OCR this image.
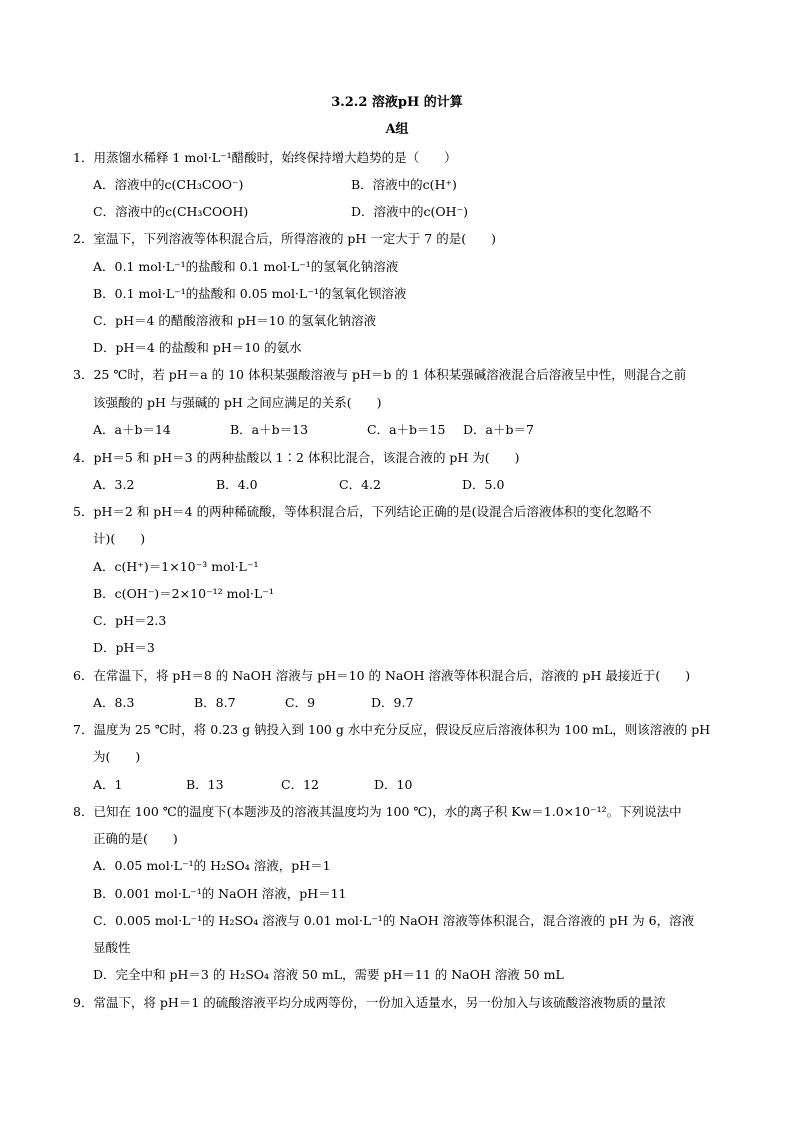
3.2.2 溶液pH 的计算
A组
1．用蒸馏水稀释 1 mol·L⁻¹醋酸时，始终保持增大趋势的是（　　）
A．溶液中的c(CH₃COO⁻)	B．溶液中的c(H⁺)
C．溶液中的c(CH₃COOH)	D．溶液中的c(OH⁻)
2．室温下，下列溶液等体积混合后，所得溶液的 pH 一定大于 7 的是(　　)
A．0.1 mol·L⁻¹的盐酸和 0.1 mol·L⁻¹的氢氧化钠溶液
B．0.1 mol·L⁻¹的盐酸和 0.05 mol·L⁻¹的氢氧化钡溶液
C．pH＝4 的醋酸溶液和 pH＝10 的氢氧化钠溶液
D．pH＝4 的盐酸和 pH＝10 的氨水
3．25 ℃时，若 pH＝a 的 10 体积某强酸溶液与 pH＝b 的 1 体积某强碱溶液混合后溶液呈中性，则混合之前
该强酸的 pH 与强碱的 pH 之间应满足的关系(　　)
A．a＋b＝14	B．a＋b＝13	C．a＋b＝15 D．a＋b＝7
4．pH＝5 和 pH＝3 的两种盐酸以 1∶2 体积比混合，该混合液的 pH 为(　　)
A．3.2	B．4.0	C．4.2	D．5.0
5．pH＝2 和 pH＝4 的两种稀硫酸，等体积混合后，下列结论正确的是(设混合后溶液体积的变化忽略不
计)(　　)
A．c(H⁺)＝1×10⁻³ mol·L⁻¹
B．c(OH⁻)＝2×10⁻¹² mol·L⁻¹
C．pH＝2.3
D．pH＝3
6．在常温下，将 pH＝8 的 NaOH 溶液与 pH＝10 的 NaOH 溶液等体积混合后，溶液的 pH 最接近于(　　)
A．8.3	B．8.7	C．9	D．9.7
7．温度为 25 ℃时，将 0.23 g 钠投入到 100 g 水中充分反应，假设反应后溶液体积为 100 mL，则该溶液的 pH
为(　　)
A．1	B．13	C．12	D．10
8．已知在 100 ℃的温度下(本题涉及的溶液其温度均为 100 ℃)，水的离子积 Kw＝1.0×10⁻¹²。下列说法中
正确的是(　　)
A．0.05 mol·L⁻¹的 H₂SO₄ 溶液，pH＝1
B．0.001 mol·L⁻¹的 NaOH 溶液，pH＝11
C．0.005 mol·L⁻¹的 H₂SO₄ 溶液与 0.01 mol·L⁻¹的 NaOH 溶液等体积混合，混合溶液的 pH 为 6，溶液
显酸性
D．完全中和 pH＝3 的 H₂SO₄ 溶液 50 mL，需要 pH＝11 的 NaOH 溶液 50 mL
9．常温下，将 pH＝1 的硫酸溶液平均分成两等份，一份加入适量水，另一份加入与该硫酸溶液物质的量浓
